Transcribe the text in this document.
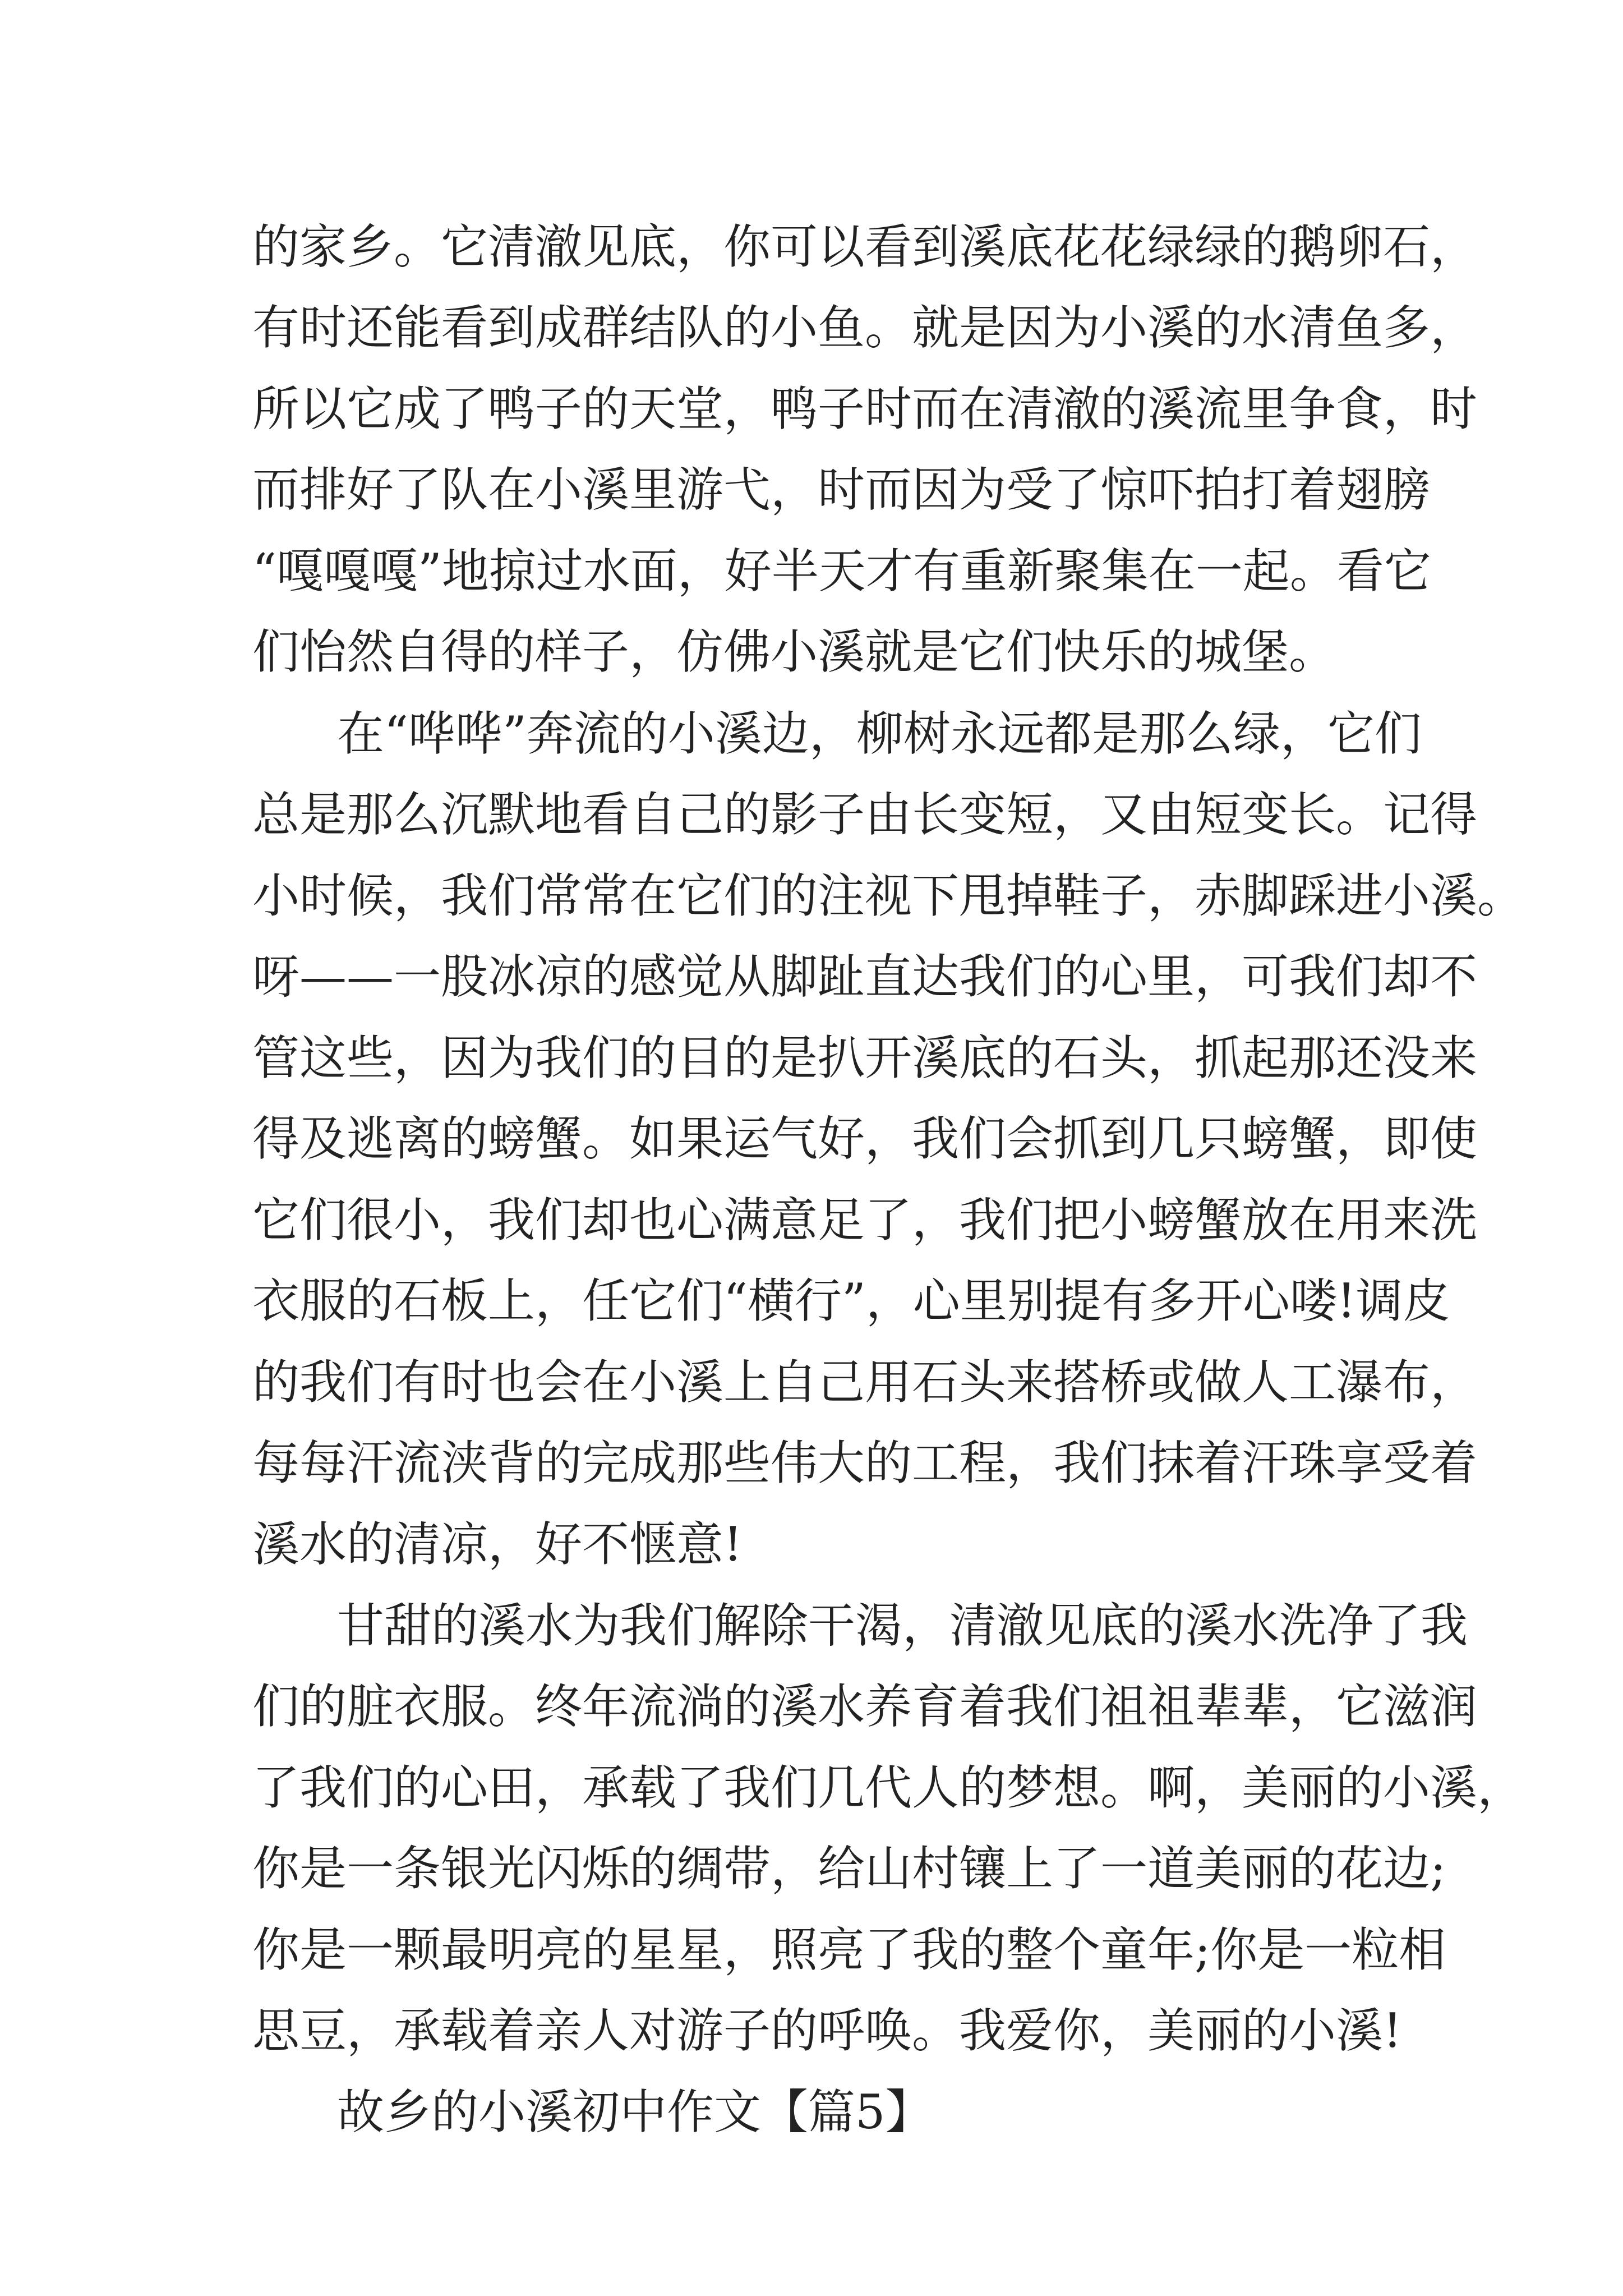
的家乡。它清澈见底，你可以看到溪底花花绿绿的鹅卵石，
有时还能看到成群结队的小鱼。就是因为小溪的水清鱼多，
所以它成了鸭子的天堂，鸭子时而在清澈的溪流里争食，时
而排好了队在小溪里游弋，时而因为受了惊吓拍打着翅膀
“嘎嘎嘎”地掠过水面，好半天才有重新聚集在一起。看它
们怡然自得的样子，仿佛小溪就是它们快乐的城堡。
在“哗哗”奔流的小溪边，柳树永远都是那么绿，它们
总是那么沉默地看自己的影子由长变短，又由短变长。记得
小时候，我们常常在它们的注视下甩掉鞋子，赤脚踩进小溪。
呀——一股冰凉的感觉从脚趾直达我们的心里，可我们却不
管这些，因为我们的目的是扒开溪底的石头，抓起那还没来
得及逃离的螃蟹。如果运气好，我们会抓到几只螃蟹，即使
它们很小，我们却也心满意足了，我们把小螃蟹放在用来洗
衣服的石板上，任它们“横行”，心里别提有多开心喽!调皮
的我们有时也会在小溪上自己用石头来搭桥或做人工瀑布，
每每汗流浃背的完成那些伟大的工程，我们抹着汗珠享受着
溪水的清凉，好不惬意!
甘甜的溪水为我们解除干渴，清澈见底的溪水洗净了我
们的脏衣服。终年流淌的溪水养育着我们祖祖辈辈，它滋润
了我们的心田，承载了我们几代人的梦想。啊，美丽的小溪，
你是一条银光闪烁的绸带，给山村镶上了一道美丽的花边;
你是一颗最明亮的星星，照亮了我的整个童年;你是一粒相
思豆，承载着亲人对游子的呼唤。我爱你，美丽的小溪!
故乡的小溪初中作文【篇5】
